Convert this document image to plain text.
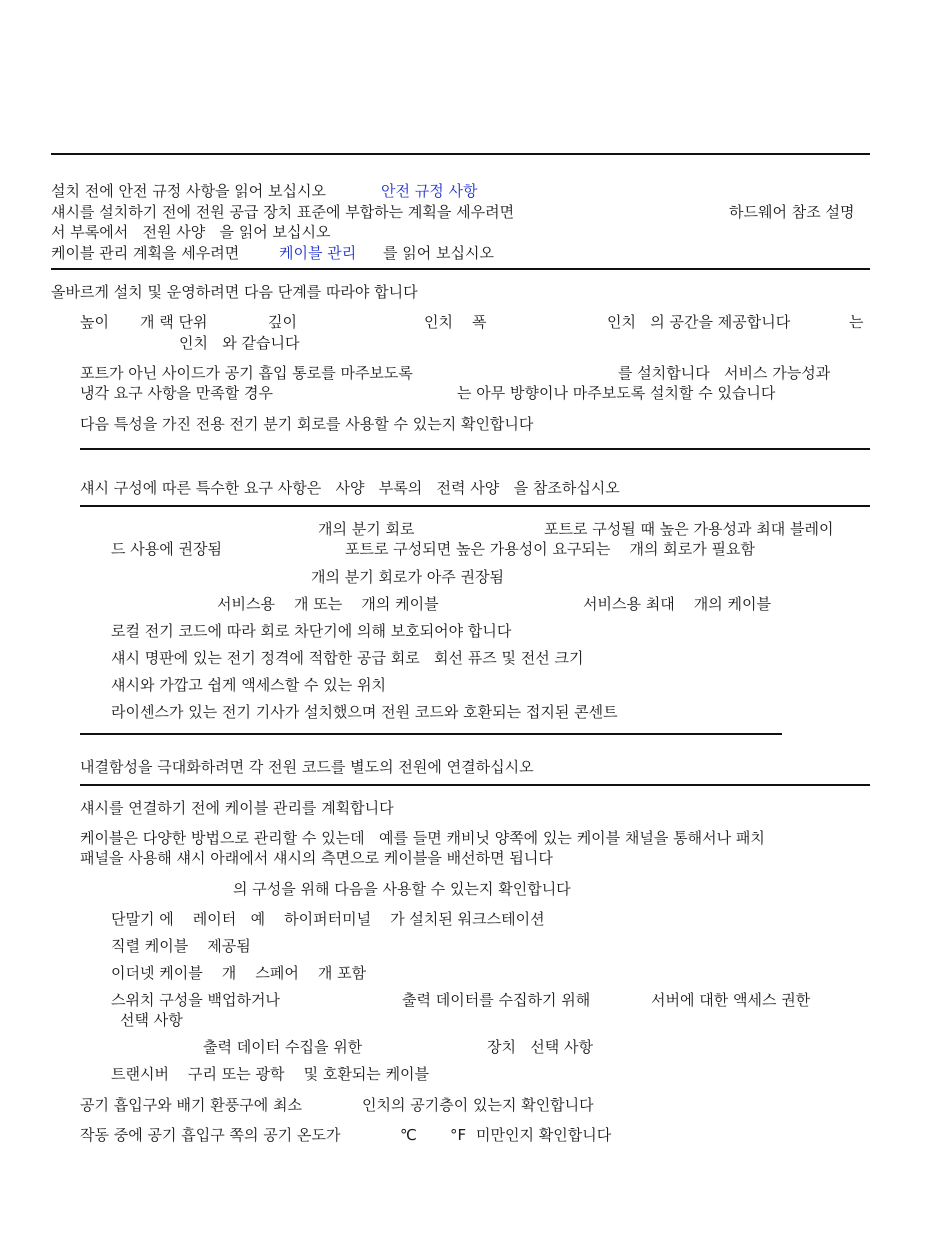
설치 전에 안전 규정 사항을 읽어 보십시오	안전 규정 사항
섀시를 설치하기 전에 전원 공급 장치 표준에 부합하는 계획을 세우려면	하드웨어 참조 설명
서 부록에서   전원 사양   을 읽어 보십시오
케이블 관리 계획을 세우려면	케이블 관리 를 읽어 보십시오
올바르게 설치 및 운영하려면 다음 단계를 따라야 합니다
높이 개 랙 단위	깊이	인치    폭	인치   의 공간을 제공합니다	는
인치   와 같습니다
포트가 아닌 사이드가 공기 흡입 통로를 마주보도록	를 설치합니다   서비스 가능성과
냉각 요구 사항을 만족할 경우	는 아무 방향이나 마주보도록 설치할 수 있습니다
다음 특성을 가진 전용 전기 분기 회로를 사용할 수 있는지 확인합니다
섀시 구성에 따른 특수한 요구 사항은   사양   부록의   전력 사양   을 참조하십시오
개의 분기 회로	포트로 구성될 때 높은 가용성과 최대 블레이
드 사용에 권장됨	포트로 구성되면 높은 가용성이 요구되는    개의 회로가 필요함
개의 분기 회로가 아주 권장됨
서비스용    개 또는    개의 케이블	서비스용 최대    개의 케이블
로컬 전기 코드에 따라 회로 차단기에 의해 보호되어야 합니다
섀시 명판에 있는 전기 정격에 적합한 공급 회로   회선 퓨즈 및 전선 크기
섀시와 가깝고 쉽게 액세스할 수 있는 위치
라이센스가 있는 전기 기사가 설치했으며 전원 코드와 호환되는 접지된 콘센트
내결함성을 극대화하려면 각 전원 코드를 별도의 전원에 연결하십시오
섀시를 연결하기 전에 케이블 관리를 계획합니다
케이블은 다양한 방법으로 관리할 수 있는데   예를 들면 캐비닛 양쪽에 있는 케이블 채널을 통해서나 패치
패널을 사용해 섀시 아래에서 섀시의 측면으로 케이블을 배선하면 됩니다
의 구성을 위해 다음을 사용할 수 있는지 확인합니다
단말기 에    레이터   예    하이퍼터미널    가 설치된 워크스테이션
직렬 케이블    제공됨
이더넷 케이블    개    스페어    개 포함
스위치 구성을 백업하거나	출력 데이터를 수집하기 위해	서버에 대한 액세스 권한
선택 사항
출력 데이터 수집을 위한	장치   선택 사항
트랜시버    구리 또는 광학    및 호환되는 케이블
공기 흡입구와 배기 환풍구에 최소	인치의 공기층이 있는지 확인합니다
작동 중에 공기 흡입구 쪽의 공기 온도가	℃ °F 미만인지 확인합니다
